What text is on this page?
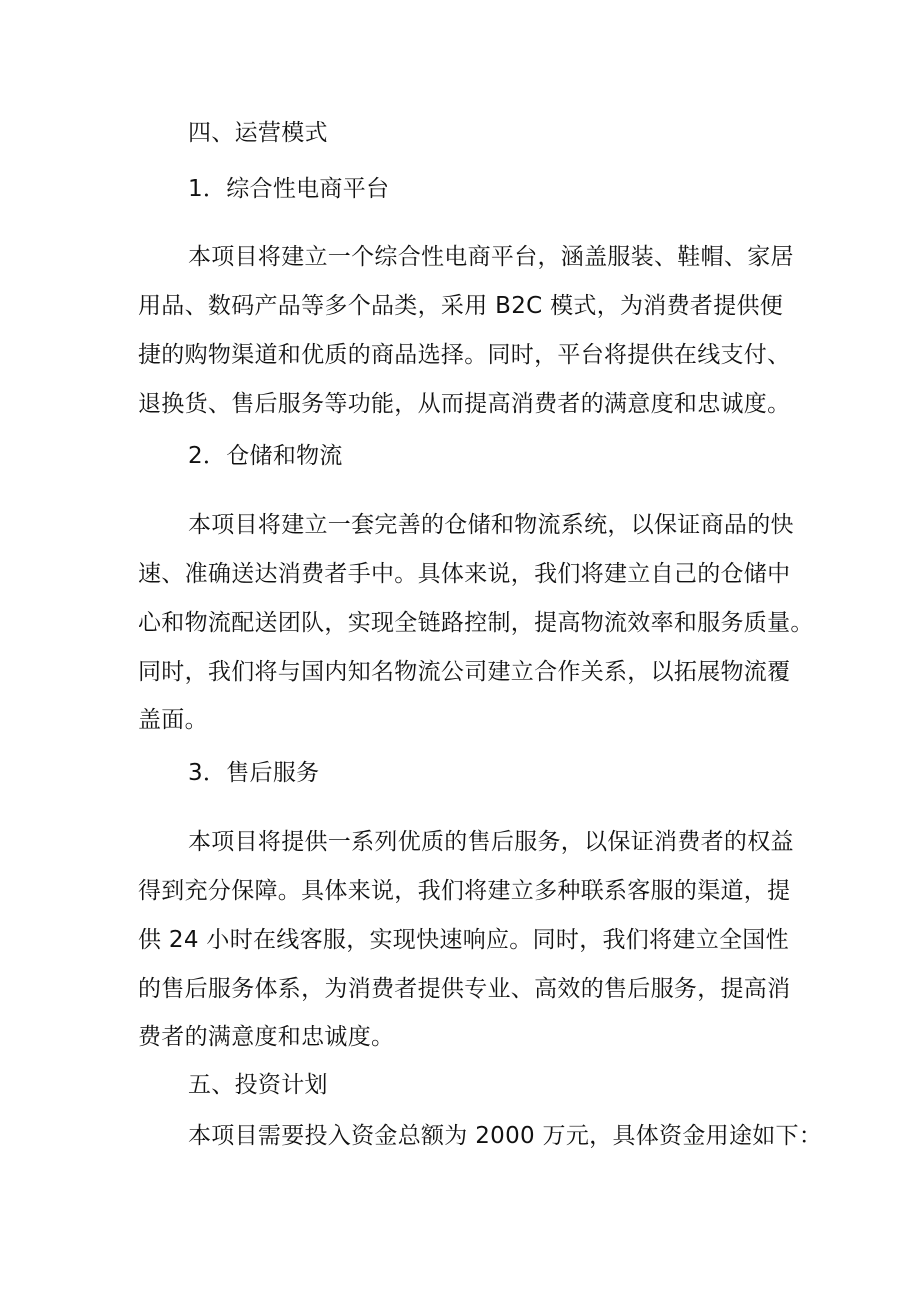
四、运营模式
1．综合性电商平台
本项目将建立一个综合性电商平台，涵盖服装、鞋帽、家居
用品、数码产品等多个品类，采用 B2C 模式，为消费者提供便
捷的购物渠道和优质的商品选择。同时，平台将提供在线支付、
退换货、售后服务等功能，从而提高消费者的满意度和忠诚度。
2．仓储和物流
本项目将建立一套完善的仓储和物流系统，以保证商品的快
速、准确送达消费者手中。具体来说，我们将建立自己的仓储中
心和物流配送团队，实现全链路控制，提高物流效率和服务质量。
同时，我们将与国内知名物流公司建立合作关系，以拓展物流覆
盖面。
3．售后服务
本项目将提供一系列优质的售后服务，以保证消费者的权益
得到充分保障。具体来说，我们将建立多种联系客服的渠道，提
供 24 小时在线客服，实现快速响应。同时，我们将建立全国性
的售后服务体系，为消费者提供专业、高效的售后服务，提高消
费者的满意度和忠诚度。
五、投资计划
本项目需要投入资金总额为 2000 万元，具体资金用途如下：
